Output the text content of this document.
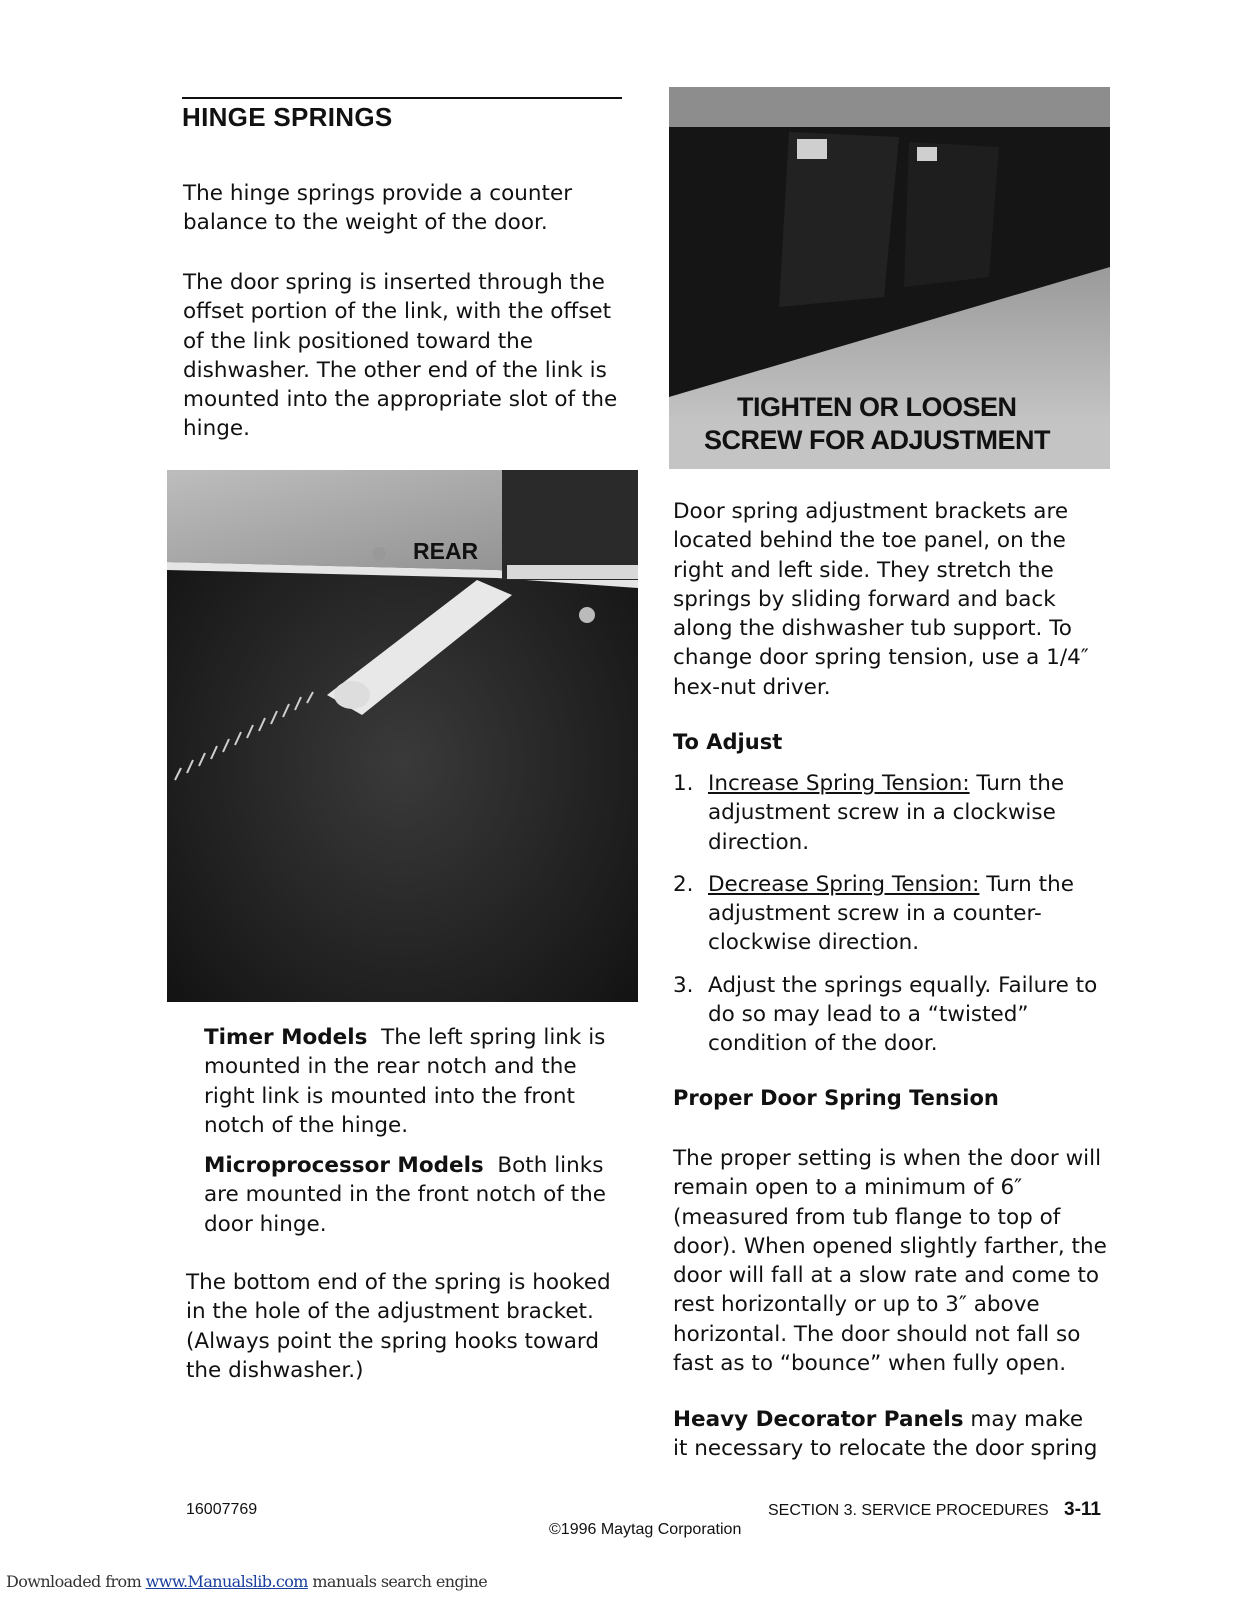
HINGE SPRINGS
The hinge springs provide a counter balance to the weight of the door.
The door spring is inserted through the offset portion of the link, with the offset of the link positioned toward the dishwasher. The other end of the link is mounted into the appropriate slot of the hinge.
REAR
Timer Models The left spring link is mounted in the rear notch and the right link is mounted into the front notch of the hinge.
Microprocessor Models Both links are mounted in the front notch of the door hinge.
The bottom end of the spring is hooked in the hole of the adjustment bracket. (Always point the spring hooks toward the dishwasher.)
TIGHTEN OR LOOSEN
SCREW FOR ADJUSTMENT
Door spring adjustment brackets are located behind the toe panel, on the right and left side. They stretch the springs by sliding forward and back along the dishwasher tub support. To change door spring tension, use a 1/4″ hex-nut driver.
To Adjust
1. Increase Spring Tension: Turn the adjustment screw in a clockwise direction.
2. Decrease Spring Tension: Turn the adjustment screw in a counter-clockwise direction.
3. Adjust the springs equally. Failure to do so may lead to a “twisted” condition of the door.
Proper Door Spring Tension
The proper setting is when the door will remain open to a minimum of 6″ (measured from tub flange to top of door). When opened slightly farther, the door will fall at a slow rate and come to rest horizontally or up to 3″ above horizontal. The door should not fall so fast as to “bounce” when fully open.
Heavy Decorator Panels may make it necessary to relocate the door spring
16007769	SECTION 3. SERVICE PROCEDURES 3-11
©1996 Maytag Corporation
Downloaded from www.Manualslib.com manuals search engine
